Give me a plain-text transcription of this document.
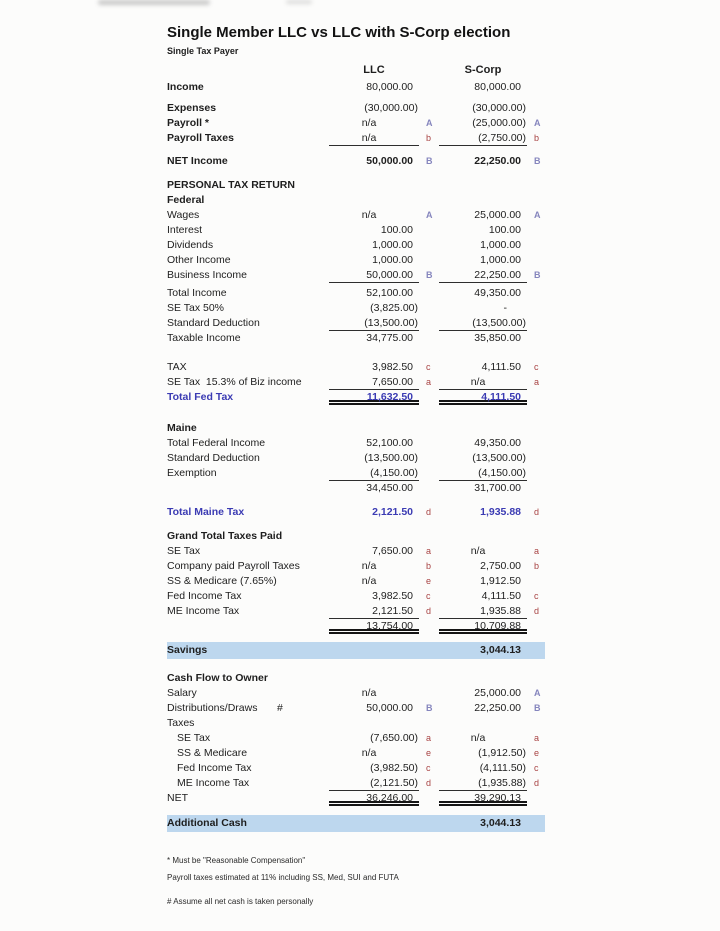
Single Member LLC vs LLC with S-Corp election
Single Tax Payer
LLC	S-Corp
Income	80,000.00	80,000.00
Expenses	(30,000.00)	(30,000.00)
Payroll *	n/a	A	(25,000.00) A
Payroll Taxes	n/a	b	(2,750.00) b
NET Income	50,000.00	B	22,250.00	B
PERSONAL TAX RETURN
Federal
Wages	n/a	A	25,000.00	A
Interest	100.00	100.00
Dividends	1,000.00	1,000.00
Other Income	1,000.00	1,000.00
Business Income	50,000.00	B	22,250.00	B
Total Income	52,100.00	49,350.00
SE Tax 50%	(3,825.00)	-
Standard Deduction	(13,500.00)	(13,500.00)
Taxable Income	34,775.00	35,850.00
TAX	3,982.50	c	4,111.50	c
SE Tax  15.3% of Biz income	7,650.00	a	n/a	a
Total Fed Tax	11,632.50	4,111.50
Maine
Total Federal Income	52,100.00	49,350.00
Standard Deduction	(13,500.00)	(13,500.00)
Exemption	(4,150.00)	(4,150.00)
34,450.00	31,700.00
Total Maine Tax	2,121.50	d	1,935.88	d
Grand Total Taxes Paid
SE Tax	7,650.00	a	n/a	a
Company paid Payroll Taxes	n/a	b	2,750.00	b
SS & Medicare (7.65%)	n/a	e	1,912.50
Fed Income Tax	3,982.50	c	4,111.50	c
ME Income Tax	2,121.50	d	1,935.88	d
13,754.00	10,709.88
Savings	3,044.13
Cash Flow to Owner
Salary	n/a	25,000.00	A
Distributions/Draws #	50,000.00	B	22,250.00	B
Taxes
SE Tax	(7,650.00) a	n/a	a
SS & Medicare	n/a	e	(1,912.50) e
Fed Income Tax	(3,982.50) c	(4,111.50) c
ME Income Tax	(2,121.50) d	(1,935.88) d
NET	36,246.00	39,290.13
Additional Cash	3,044.13
* Must be "Reasonable Compensation"
Payroll taxes estimated at 11% including SS, Med, SUI and FUTA
# Assume all net cash is taken personally
